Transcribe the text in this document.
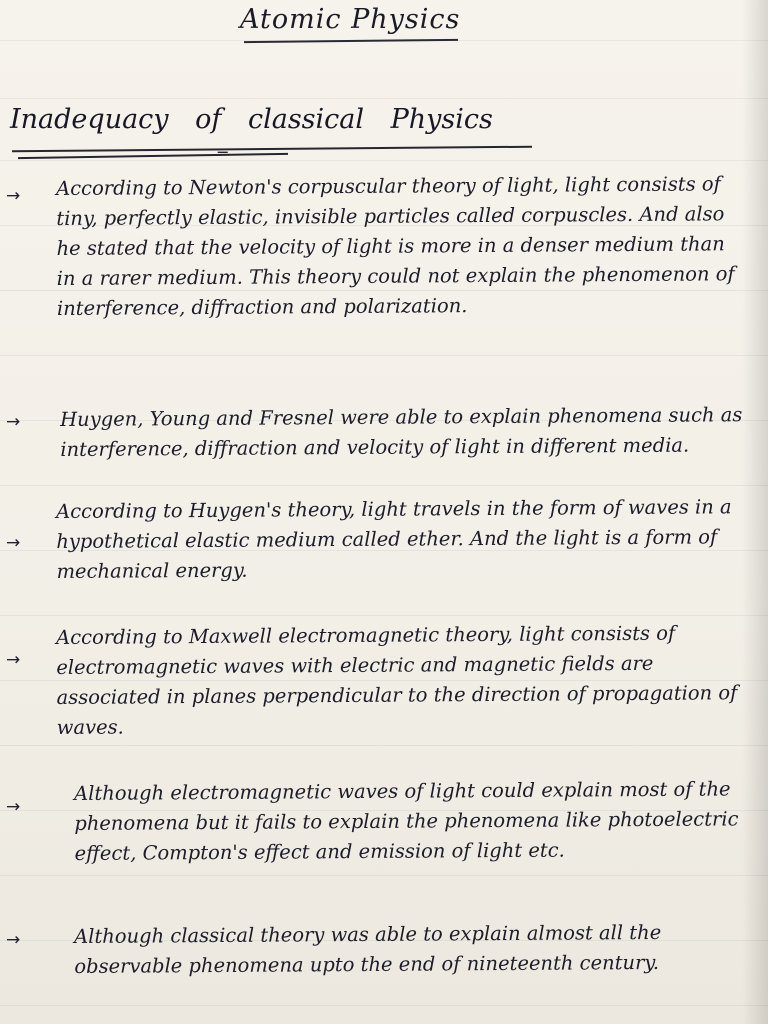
Atomic Physics
Inadequacy of classical Physics
=
→ According to Newton's corpuscular theory of light, light consists of tiny, perfectly elastic, invisible particles called corpuscles. And also he stated that the velocity of light is more in a denser medium than in a rarer medium. This theory could not explain the phenomenon of interference, diffraction and polarization.

→ Huygen, Young and Fresnel were able to explain phenomena such as interference, diffraction and velocity of light in different media.

→

According to Huygen's theory, light travels in the form of waves in a hypothetical elastic medium called ether. And the light is a form of mechanical energy.

→

According to Maxwell electromagnetic theory, light consists of electromagnetic waves with electric and magnetic fields are associated in planes perpendicular to the direction of propagation of waves.

→

Although electromagnetic waves of light could explain most of the phenomena but it fails to explain the phenomena like photoelectric effect, Compton's effect and emission of light etc.

→	Although classical theory was able to explain almost all the observable phenomena upto the end of nineteenth century.
